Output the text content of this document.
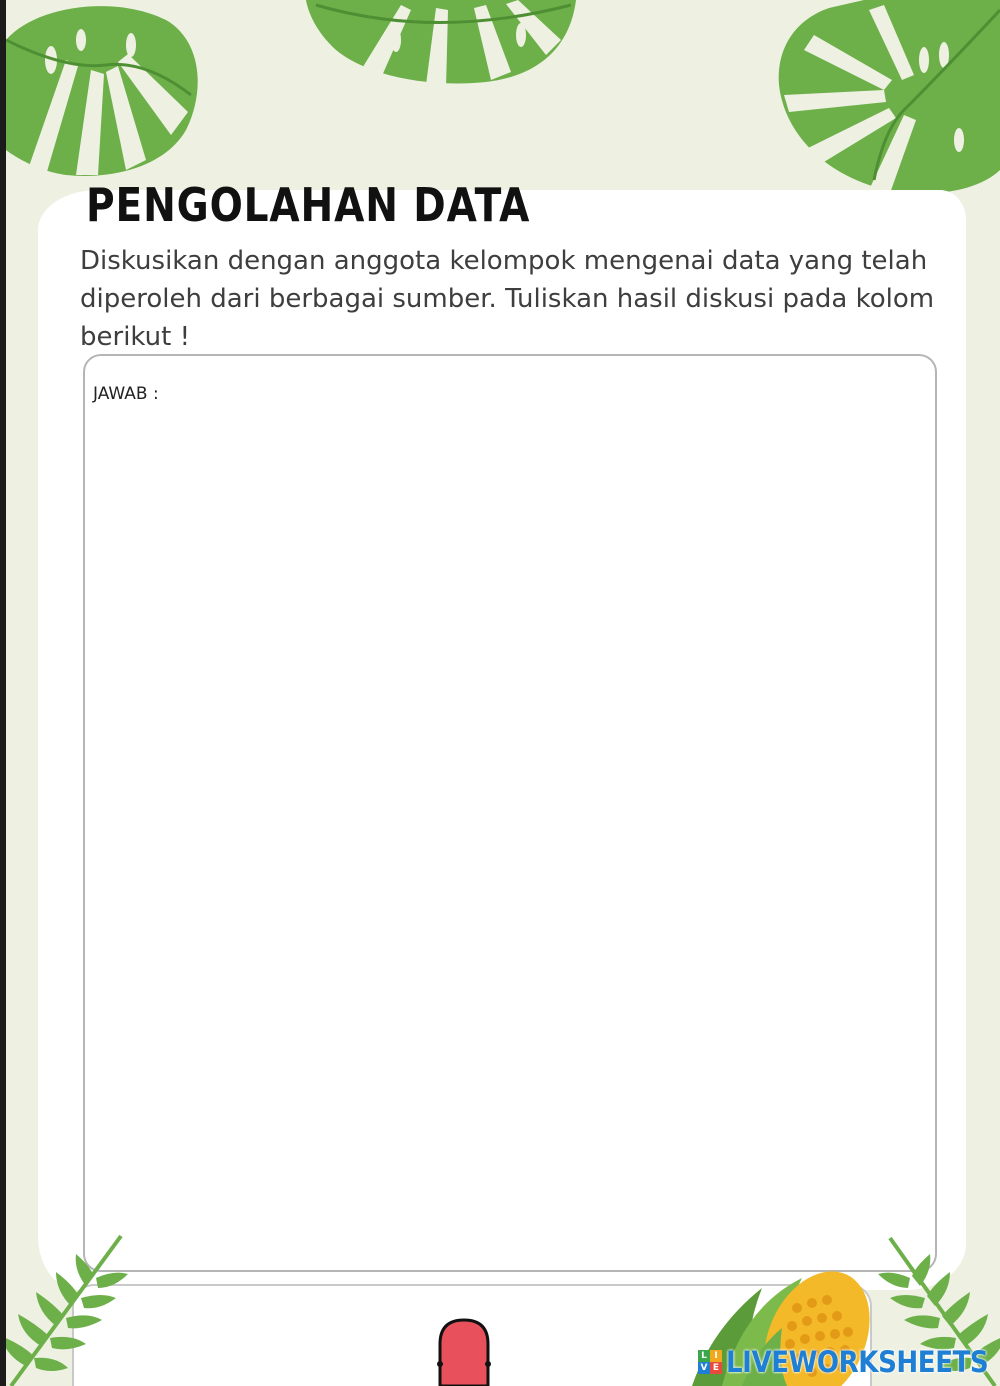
PENGOLAHAN DATA

Diskusikan dengan anggota kelompok mengenai data yang telah diperoleh dari berbagai sumber. Tuliskan hasil diskusi pada kolom berikut !

JAWAB :
L I
V E LIVEWORKSHEETS
